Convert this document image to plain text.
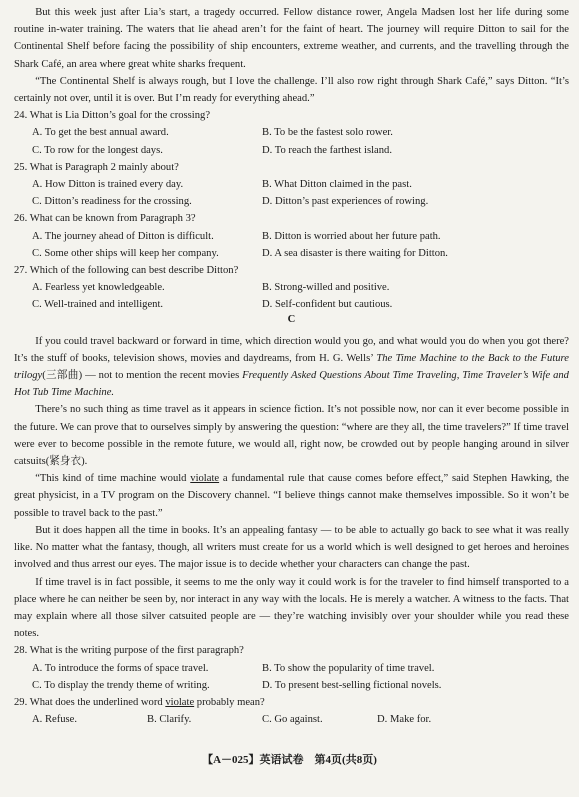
But this week just after Lia’s start, a tragedy occurred. Fellow distance rower, Angela Madsen lost her life during some routine in-water training. The waters that lie ahead aren’t for the faint of heart. The journey will require Ditton to sail for the Continental Shelf before facing the possibility of ship encounters, extreme weather, and currents, and the travelling through the Shark Café, an area where great white sharks frequent.

“The Continental Shelf is always rough, but I love the challenge. I’ll also row right through Shark Café,” says Ditton. “It’s certainly not over, until it is over. But I’m ready for everything ahead.”

24. What is Lia Ditton’s goal for the crossing?

A. To get the best annual award.	B. To be the fastest solo rower.
C. To row for the longest days.	D. To reach the farthest island.

25. What is Paragraph 2 mainly about?

A. How Ditton is trained every day.	B. What Ditton claimed in the past.
C. Ditton’s readiness for the crossing.	D. Ditton’s past experiences of rowing.

26. What can be known from Paragraph 3?

A. The journey ahead of Ditton is difficult.	B. Ditton is worried about her future path.
C. Some other ships will keep her company.	D. A sea disaster is there waiting for Ditton.

27. Which of the following can best describe Ditton?

A. Fearless yet knowledgeable.	B. Strong-willed and positive.
C. Well-trained and intelligent.	D. Self-confident but cautious.
C

If you could travel backward or forward in time, which direction would you go, and what would you do when you got there? It’s the stuff of books, television shows, movies and daydreams, from H. G. Wells’ The Time Machine to the Back to the Future trilogy(三部曲) — not to mention the recent movies Frequently Asked Questions About Time Traveling, Time Traveler’s Wife and Hot Tub Time Machine.

There’s no such thing as time travel as it appears in science fiction. It’s not possible now, nor can it ever become possible in the future. We can prove that to ourselves simply by answering the question: “where are they all, the time travelers?” If time travel were ever to become possible in the remote future, we would all, right now, be crowded out by people hanging around in silver catsuits(紧身衣).

“This kind of time machine would violate a fundamental rule that cause comes before effect,” said Stephen Hawking, the great physicist, in a TV program on the Discovery channel. “I believe things cannot make themselves impossible. So it won’t be possible to travel back to the past.”

But it does happen all the time in books. It’s an appealing fantasy — to be able to actually go back to see what it was really like. No matter what the fantasy, though, all writers must create for us a world which is well designed to get heroes and heroines involved and thus arrest our eyes. The major issue is to decide whether your characters can change the past.

If time travel is in fact possible, it seems to me the only way it could work is for the traveler to find himself transported to a place where he can neither be seen by, nor interact in any way with the locals. He is merely a watcher. A witness to the facts. That may explain where all those silver catsuited people are — they’re watching invisibly over your shoulder while you read these notes.

28. What is the writing purpose of the first paragraph?

A. To introduce the forms of space travel.	B. To show the popularity of time travel.
C. To display the trendy theme of writing.	D. To present best-selling fictional novels.

29. What does the underlined word violate probably mean?

A. Refuse.	B. Clarify.	C. Go against.	D. Make for.
【A－025】英语试卷　第4页(共8页)
